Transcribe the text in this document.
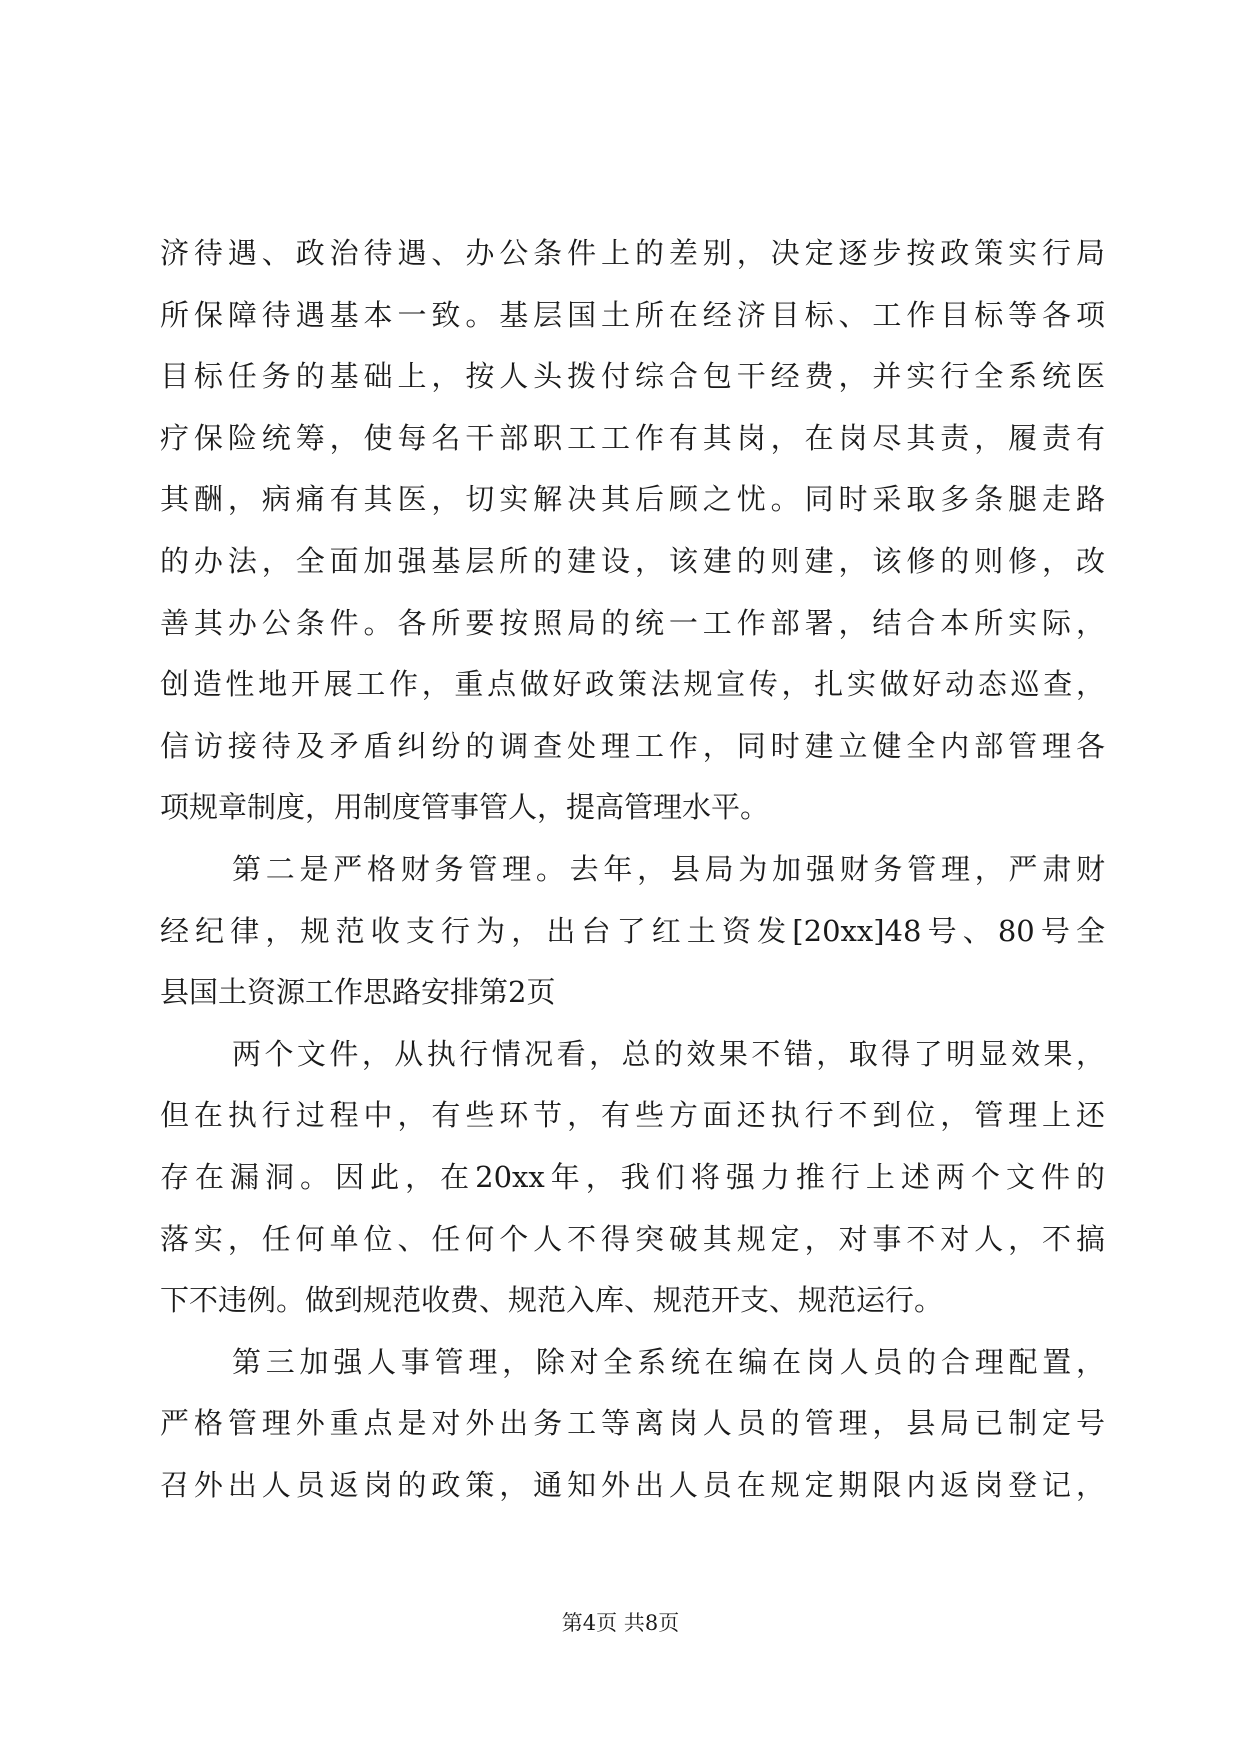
济待遇、政治待遇、办公条件上的差别，决定逐步按政策实行局
所保障待遇基本一致。基层国土所在经济目标、工作目标等各项
目标任务的基础上，按人头拨付综合包干经费，并实行全系统医
疗保险统筹，使每名干部职工工作有其岗，在岗尽其责，履责有
其酬，病痛有其医，切实解决其后顾之忧。同时采取多条腿走路
的办法，全面加强基层所的建设，该建的则建，该修的则修，改
善其办公条件。各所要按照局的统一工作部署，结合本所实际，
创造性地开展工作，重点做好政策法规宣传，扎实做好动态巡查，
信访接待及矛盾纠纷的调查处理工作，同时建立健全内部管理各
项规章制度，用制度管事管人，提高管理水平。
第二是严格财务管理。去年，县局为加强财务管理，严肃财
经纪律，规范收支行为，出台了红土资发[20xx]48号、80号全
县国土资源工作思路安排第2页
两个文件，从执行情况看，总的效果不错，取得了明显效果，
但在执行过程中，有些环节，有些方面还执行不到位，管理上还
存在漏洞。因此，在20xx年，我们将强力推行上述两个文件的
落实，任何单位、任何个人不得突破其规定，对事不对人，不搞
下不违例。做到规范收费、规范入库、规范开支、规范运行。
第三加强人事管理，除对全系统在编在岗人员的合理配置，
严格管理外重点是对外出务工等离岗人员的管理，县局已制定号
召外出人员返岗的政策，通知外出人员在规定期限内返岗登记，
第4页 共8页
